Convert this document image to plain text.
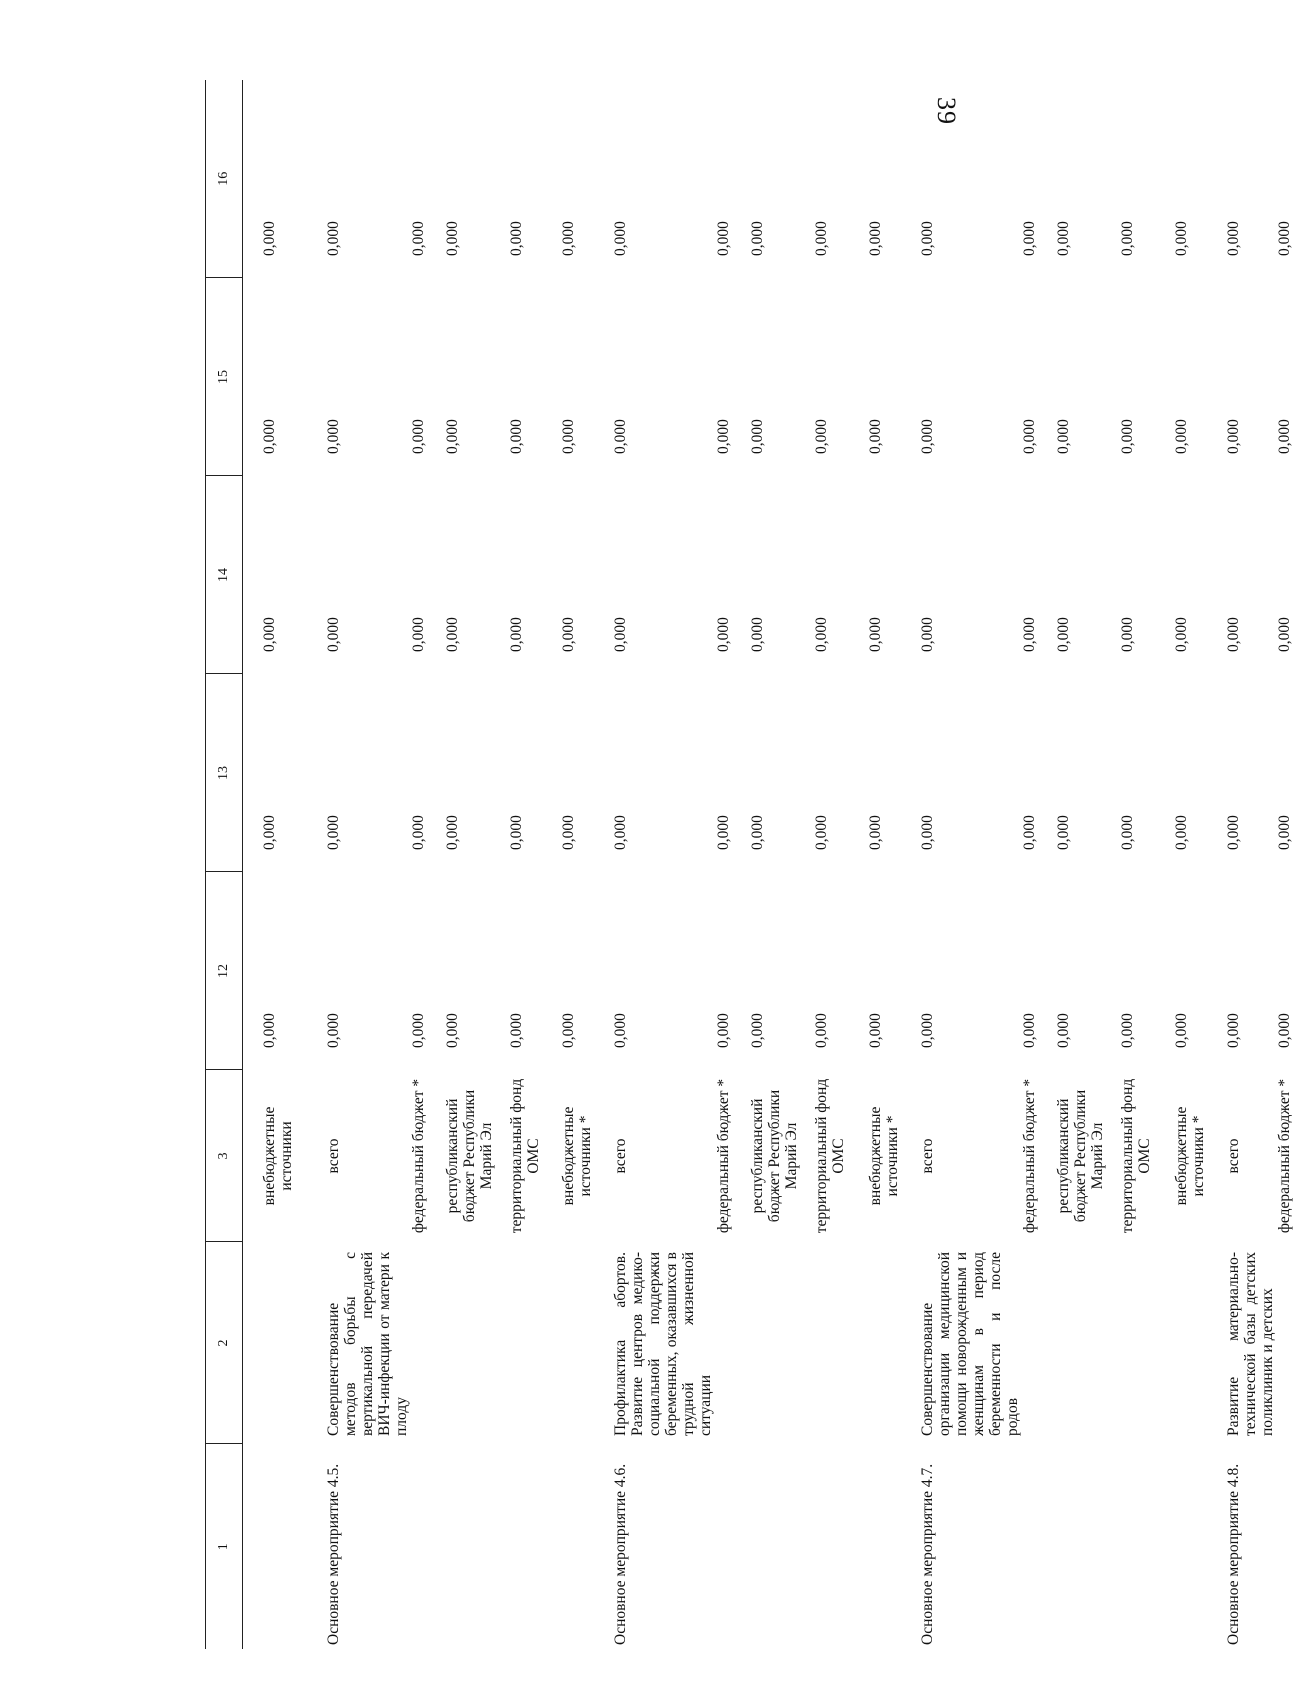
39
1	2	3	12	13	14	15	16
		внебюджетные источники	0,000	0,000	0,000	0,000	0,000
Основное мероприятие 4.5.	Совершенствование методов борьбы с вертикальной передачей ВИЧ-инфекции от матери к плоду	всего	0,000	0,000	0,000	0,000	0,000
		федеральный бюджет *	0,000	0,000	0,000	0,000	0,000
		республиканский бюджет Республики Марий Эл	0,000	0,000	0,000	0,000	0,000
		территориальный фонд ОМС	0,000	0,000	0,000	0,000	0,000
		внебюджетные источники *	0,000	0,000	0,000	0,000	0,000
Основное мероприятие 4.6.	Профилактика абортов. Развитие центров медико-социальной поддержки беременных, оказавшихся в трудной жизненной ситуации	всего	0,000	0,000	0,000	0,000	0,000
		федеральный бюджет *	0,000	0,000	0,000	0,000	0,000
		республиканский бюджет Республики Марий Эл	0,000	0,000	0,000	0,000	0,000
		территориальный фонд ОМС	0,000	0,000	0,000	0,000	0,000
		внебюджетные источники *	0,000	0,000	0,000	0,000	0,000
Основное мероприятие 4.7.	Совершенствование организации медицинской помощи новорожденным и женщинам в период беременности и после родов	всего	0,000	0,000	0,000	0,000	0,000
		федеральный бюджет *	0,000	0,000	0,000	0,000	0,000
		республиканский бюджет Республики Марий Эл	0,000	0,000	0,000	0,000	0,000
		территориальный фонд ОМС	0,000	0,000	0,000	0,000	0,000
		внебюджетные источники *	0,000	0,000	0,000	0,000	0,000
Основное мероприятие 4.8.	Развитие материально-технической базы детских поликлиник и детских	всего	0,000	0,000	0,000	0,000	0,000
		федеральный бюджет *	0,000	0,000	0,000	0,000	0,000
